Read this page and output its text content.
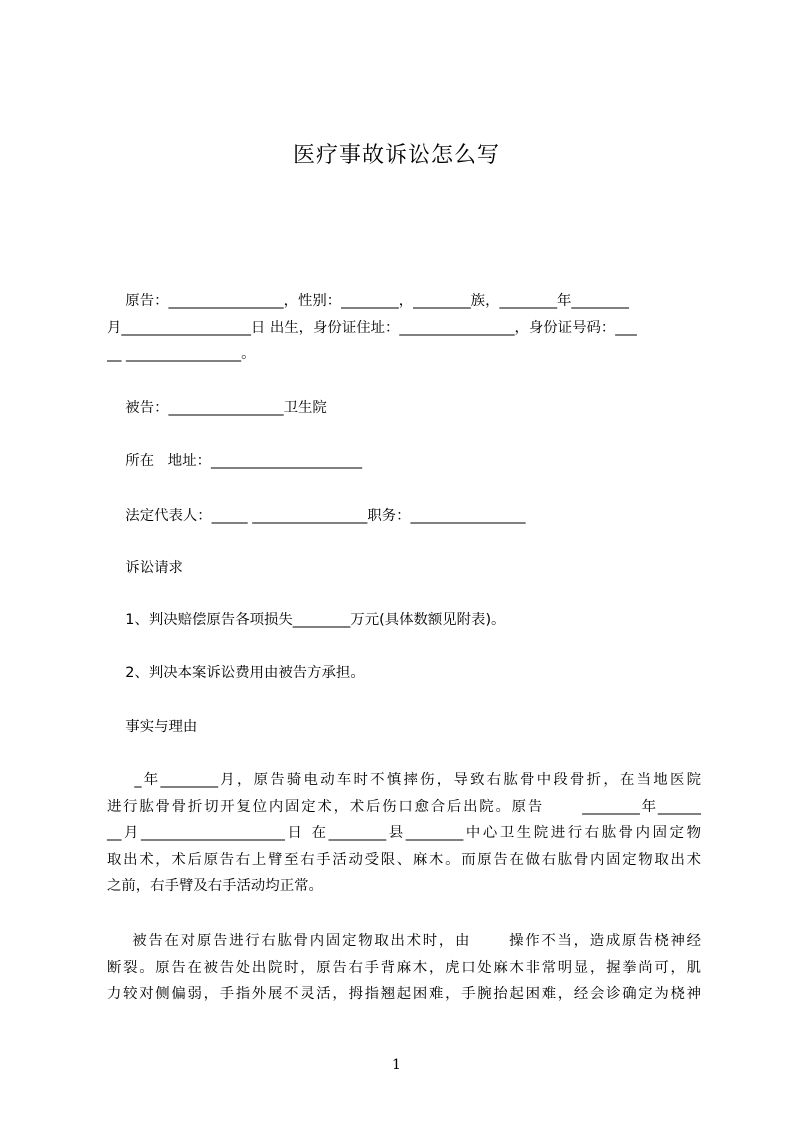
医疗事故诉讼怎么写

原告：________________，性别：________，________族，________年________
月__________________日 出生，身份证住址：________________，身份证号码：___
__ ________________。

被告：________________卫生院

所在   地址：_____________________

法定代表人：_____ ________________职务：________________

诉讼请求

1、判决赔偿原告各项损失________万元(具体数额见附表)。

2、判决本案诉讼费用由被告方承担。

事实与理由

_年________月，原告骑电动车时不慎摔伤，导致右肱骨中段骨折，在当地医院
进行肱骨骨折切开复位内固定术，术后伤口愈合后出院。原告      ________年______
__月____________________日 在________县________中心卫生院进行右肱骨内固定物
取出术，术后原告右上臂至右手活动受限、麻木。而原告在做右肱骨内固定物取出术
之前，右手臂及右手活动均正常。

被告在对原告进行右肱骨内固定物取出术时，由      操作不当，造成原告桡神经
断裂。原告在被告处出院时，原告右手背麻木，虎口处麻木非常明显，握拳尚可，肌
力较对侧偏弱，手指外展不灵活，拇指翘起困难，手腕抬起困难，经会诊确定为桡神

1
